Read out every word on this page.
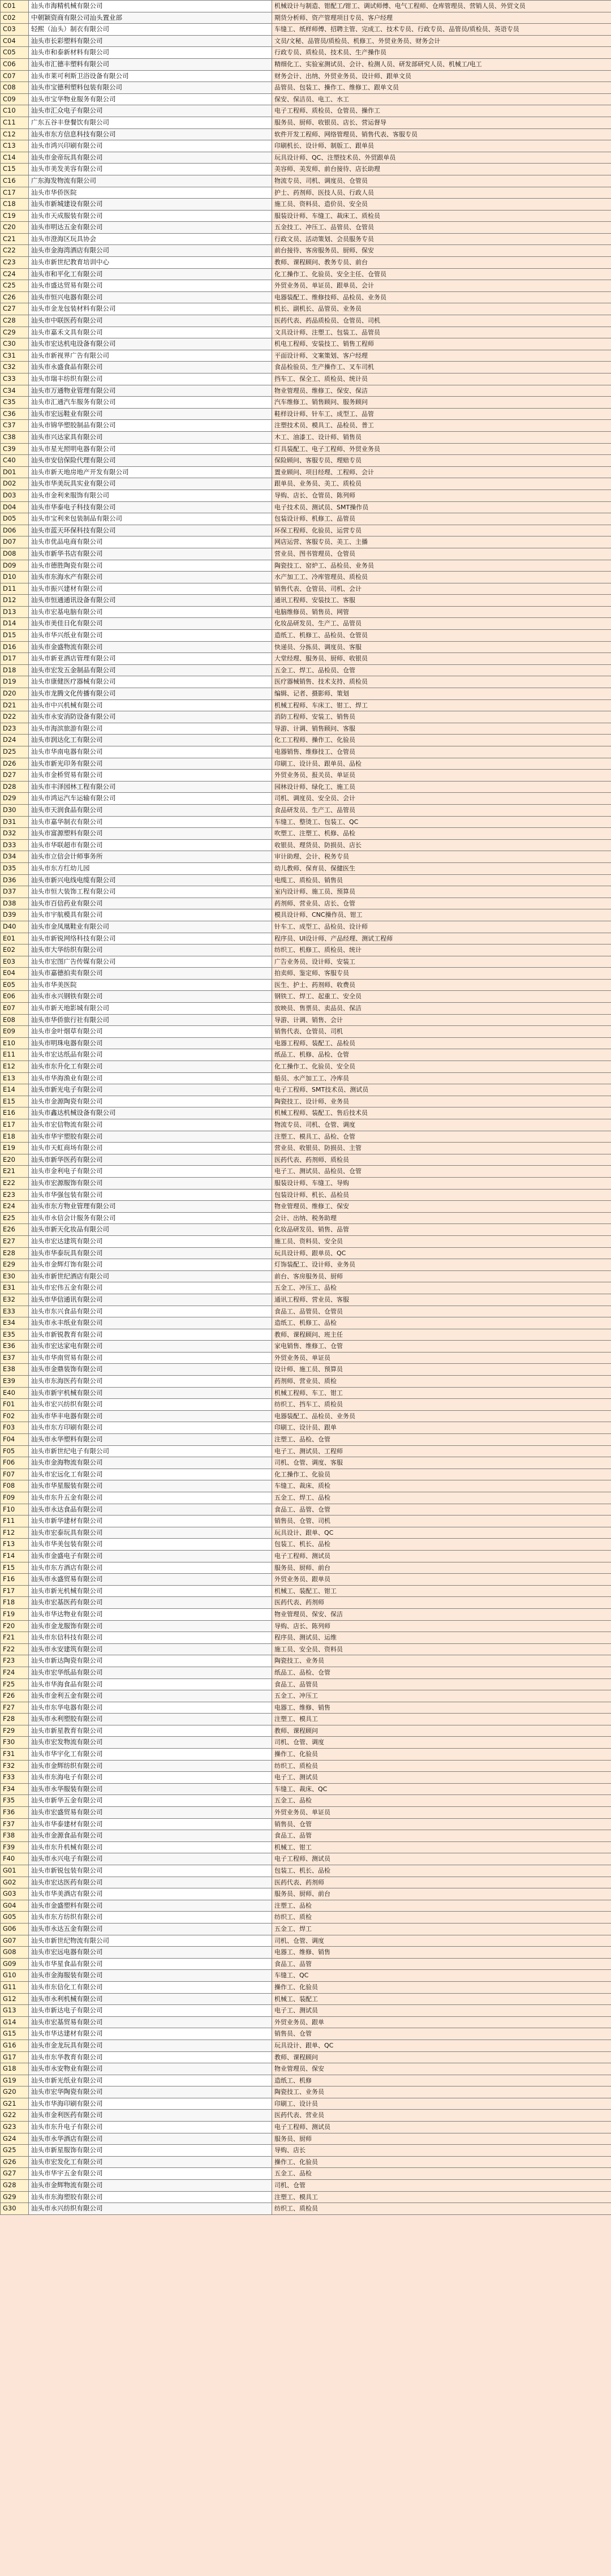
C01	汕头市海精机械有限公司	机械设计与制造、钳配工/钳工、调试师傅、电气工程师、仓库管理员、营销人员、外贸文员
C02	中朝颖资商有限公司汕头置业部	期货分析师、资产管理项目专员、客户经理
C03	轻熙（汕头）制衣有限公司	车缝工、纸样师傅、招聘主管、完成工、技术专员、行政专员、品管员/质检员、英语专员
C04	汕头市长彩塑料有限公司	文员/文秘、品管员/质检员、机修工、外贸业务员、财务会计
C05	汕头市和泰新材料有限公司	行政专员、质检员、技术员、生产操作员
C06	汕头市汇德丰塑料有限公司	精细化工、实验室测试员、会计、检测人员、研发部研究人员、机械工/电工
C07	汕头市莱可利斯卫浴设备有限公司	财务会计、出纳、外贸业务员、设计师、跟单文员
C08	汕头市宝德利塑料包装有限公司	品管员、包装工、操作工、维修工、跟单文员
C09	汕头市宝华物业服务有限公司	保安、保洁员、电工、水工
C10	汕头市汇众电子有限公司	电子工程师、质检员、仓管员、操作工
C11	广东五谷丰登餐饮有限公司	服务员、厨师、收银员、店长、营运督导
C12	汕头市东方信息科技有限公司	软件开发工程师、网络管理员、销售代表、客服专员
C13	汕头市鸿兴印刷有限公司	印刷机长、设计师、制版工、跟单员
C14	汕头市金帝玩具有限公司	玩具设计师、QC、注塑技术员、外贸跟单员
C15	汕头市美发美容有限公司	美容师、美发师、前台接待、店长助理
C16	广东海发物流有限公司	物流专员、司机、调度员、仓管员
C17	汕头市华侨医院	护士、药剂师、医技人员、行政人员
C18	汕头市新城建设有限公司	施工员、资料员、造价员、安全员
C19	汕头市天成服装有限公司	服装设计师、车缝工、裁床工、质检员
C20	汕头市明达五金有限公司	五金技工、冲压工、品管员、仓管员
C21	汕头市澄海区玩具协会	行政文员、活动策划、会员服务专员
C22	汕头市金海湾酒店有限公司	前台接待、客房服务员、厨师、保安
C23	汕头市新世纪教育培训中心	教师、课程顾问、教务专员、前台
C24	汕头市和平化工有限公司	化工操作工、化验员、安全主任、仓管员
C25	汕头市盛达贸易有限公司	外贸业务员、单证员、跟单员、会计
C26	汕头市恒兴电器有限公司	电器装配工、维修技师、品检员、业务员
C27	汕头市金龙包装材料有限公司	机长、副机长、品管员、业务员
C28	汕头市中联医药有限公司	医药代表、药品质检员、仓管员、司机
C29	汕头市嘉禾文具有限公司	文具设计师、注塑工、包装工、品管员
C30	汕头市宏达机电设备有限公司	机电工程师、安装技工、销售工程师
C31	汕头市新视界广告有限公司	平面设计师、文案策划、客户经理
C32	汕头市永盛食品有限公司	食品检验员、生产操作工、叉车司机
C33	汕头市瑞丰纺织有限公司	挡车工、保全工、质检员、统计员
C34	汕头市万通物业管理有限公司	物业管理员、维修工、保安、保洁
C35	汕头市汇通汽车服务有限公司	汽车维修工、销售顾问、服务顾问
C36	汕头市宏远鞋业有限公司	鞋样设计师、针车工、成型工、品管
C37	汕头市锦华塑胶制品有限公司	注塑技术员、模具工、品检员、普工
C38	汕头市兴达家具有限公司	木工、油漆工、设计师、销售员
C39	汕头市星光照明电器有限公司	灯具装配工、电子工程师、外贸业务员
C40	汕头市安信保险代理有限公司	保险顾问、客服专员、理赔专员
D01	汕头市新天地房地产开发有限公司	置业顾问、项目经理、工程师、会计
D02	汕头市华美玩具实业有限公司	跟单员、业务员、美工、质检员
D03	汕头市金利来服饰有限公司	导购、店长、仓管员、陈列师
D04	汕头市华泰电子科技有限公司	电子技术员、测试员、SMT操作员
D05	汕头市宝利来包装制品有限公司	包装设计师、机修工、品管员
D06	汕头市蓝天环保科技有限公司	环保工程师、化验员、运营专员
D07	汕头市优品电商有限公司	网店运营、客服专员、美工、主播
D08	汕头市新华书店有限公司	营业员、图书管理员、仓管员
D09	汕头市德胜陶瓷有限公司	陶瓷技工、窑炉工、品检员、业务员
D10	汕头市东海水产有限公司	水产加工工、冷库管理员、质检员
D11	汕头市振兴建材有限公司	销售代表、仓管员、司机、会计
D12	汕头市恒通通讯设备有限公司	通讯工程师、安装技工、客服
D13	汕头市宏基电脑有限公司	电脑维修员、销售员、网管
D14	汕头市美佳日化有限公司	化妆品研发员、生产工、品管员
D15	汕头市华兴纸业有限公司	造纸工、机修工、品检员、仓管员
D16	汕头市金盛物流有限公司	快递员、分拣员、调度员、客服
D17	汕头市新亚酒店管理有限公司	大堂经理、服务员、厨师、收银员
D18	汕头市宏发五金制品有限公司	五金工、焊工、品检员、仓管
D19	汕头市康健医疗器械有限公司	医疗器械销售、技术支持、质检员
D20	汕头市龙腾文化传播有限公司	编辑、记者、摄影师、策划
D21	汕头市中兴机械有限公司	机械工程师、车床工、钳工、焊工
D22	汕头市永安消防设备有限公司	消防工程师、安装工、销售员
D23	汕头市海滨旅游有限公司	导游、计调、销售顾问、客服
D24	汕头市润达化工有限公司	化工工程师、操作工、化验员
D25	汕头市华南电器有限公司	电器销售、维修技工、仓管员
D26	汕头市新光印务有限公司	印刷工、设计员、跟单员、品检
D27	汕头市金桥贸易有限公司	外贸业务员、报关员、单证员
D28	汕头市丰泽园林工程有限公司	园林设计师、绿化工、施工员
D29	汕头市鸿运汽车运输有限公司	司机、调度员、安全员、会计
D30	汕头市天润食品有限公司	食品研发员、生产工、品管员
D31	汕头市嘉华制衣有限公司	车缝工、整烫工、包装工、QC
D32	汕头市富源塑料有限公司	吹塑工、注塑工、机修、品检
D33	汕头市华联超市有限公司	收银员、理货员、防损员、店长
D34	汕头市立信会计师事务所	审计助理、会计、税务专员
D35	汕头市东方红幼儿园	幼儿教师、保育员、保健医生
D36	汕头市新兴电线电缆有限公司	电缆工、质检员、销售员
D37	汕头市恒大装饰工程有限公司	室内设计师、施工员、预算员
D38	汕头市百信药业有限公司	药剂师、营业员、店长、仓管
D39	汕头市宇航模具有限公司	模具设计师、CNC操作员、钳工
D40	汕头市金凤凰鞋业有限公司	针车工、成型工、品检员、设计师
E01	汕头市新锐网络科技有限公司	程序员、UI设计师、产品经理、测试工程师
E02	汕头市大华纺织有限公司	纺织工、机修工、质检员、统计
E03	汕头市宏图广告传媒有限公司	广告业务员、设计师、安装工
E04	汕头市嘉德拍卖有限公司	拍卖师、鉴定师、客服专员
E05	汕头市华美医院	医生、护士、药剂师、收费员
E06	汕头市永兴钢铁有限公司	钢铁工、焊工、起重工、安全员
E07	汕头市新天地影城有限公司	放映员、售票员、卖品员、保洁
E08	汕头市华侨旅行社有限公司	导游、计调、销售、会计
E09	汕头市金叶烟草有限公司	销售代表、仓管员、司机
E10	汕头市明珠电器有限公司	电器工程师、装配工、品检员
E11	汕头市宏达纸品有限公司	纸品工、机修、品检、仓管
E12	汕头市东升化工有限公司	化工操作工、化验员、安全员
E13	汕头市华海渔业有限公司	船员、水产加工工、冷库员
E14	汕头市新光电子有限公司	电子工程师、SMT技术员、测试员
E15	汕头市金源陶瓷有限公司	陶瓷技工、设计师、业务员
E16	汕头市鑫达机械设备有限公司	机械工程师、装配工、售后技术员
E17	汕头市宏信物流有限公司	物流专员、司机、仓管、调度
E18	汕头市华宇塑胶有限公司	注塑工、模具工、品检、仓管
E19	汕头市天虹商场有限公司	营业员、收银员、防损员、主管
E20	汕头市新华医药有限公司	医药代表、药剂师、质检员
E21	汕头市金利电子有限公司	电子工、测试员、品检员、仓管
E22	汕头市宏源服饰有限公司	服装设计师、车缝工、导购
E23	汕头市华强包装有限公司	包装设计师、机长、品检员
E24	汕头市东方物业管理有限公司	物业管理员、维修工、保安
E25	汕头市永信会计服务有限公司	会计、出纳、税务助理
E26	汕头市新天化妆品有限公司	化妆品研发员、销售、品管
E27	汕头市宏达建筑有限公司	施工员、资料员、安全员
E28	汕头市华泰玩具有限公司	玩具设计师、跟单员、QC
E29	汕头市金辉灯饰有限公司	灯饰装配工、设计师、业务员
E30	汕头市新世纪酒店有限公司	前台、客房服务员、厨师
E31	汕头市宏伟五金有限公司	五金工、冲压工、品检
E32	汕头市华信通讯有限公司	通讯工程师、营业员、客服
E33	汕头市东兴食品有限公司	食品工、品管员、仓管员
E34	汕头市永丰纸业有限公司	造纸工、机修工、品检
E35	汕头市新锐教育有限公司	教师、课程顾问、班主任
E36	汕头市宏达家电有限公司	家电销售、维修工、仓管
E37	汕头市华南贸易有限公司	外贸业务员、单证员
E38	汕头市金鼎装饰有限公司	设计师、施工员、预算员
E39	汕头市东海医药有限公司	药剂师、营业员、质检
E40	汕头市新宇机械有限公司	机械工程师、车工、钳工
F01	汕头市宏兴纺织有限公司	纺织工、挡车工、质检员
F02	汕头市华丰电器有限公司	电器装配工、品检员、业务员
F03	汕头市东方印刷有限公司	印刷工、设计员、跟单
F04	汕头市永华塑料有限公司	注塑工、品检、仓管
F05	汕头市新世纪电子有限公司	电子工、测试员、工程师
F06	汕头市金海物流有限公司	司机、仓管、调度、客服
F07	汕头市宏远化工有限公司	化工操作工、化验员
F08	汕头市华星服装有限公司	车缝工、裁床、质检
F09	汕头市东升五金有限公司	五金工、焊工、品检
F10	汕头市永达食品有限公司	食品工、品管、仓管
F11	汕头市新华建材有限公司	销售员、仓管、司机
F12	汕头市宏泰玩具有限公司	玩具设计、跟单、QC
F13	汕头市华美包装有限公司	包装工、机长、品检
F14	汕头市金盛电子有限公司	电子工程师、测试员
F15	汕头市东方酒店有限公司	服务员、厨师、前台
F16	汕头市永盛贸易有限公司	外贸业务员、跟单员
F17	汕头市新光机械有限公司	机械工、装配工、钳工
F18	汕头市宏基医药有限公司	医药代表、药剂师
F19	汕头市华达物业有限公司	物业管理员、保安、保洁
F20	汕头市金龙服饰有限公司	导购、店长、陈列师
F21	汕头市东信科技有限公司	程序员、测试员、运维
F22	汕头市永安建筑有限公司	施工员、安全员、资料员
F23	汕头市新达陶瓷有限公司	陶瓷技工、业务员
F24	汕头市宏华纸品有限公司	纸品工、品检、仓管
F25	汕头市华海食品有限公司	食品工、品管员
F26	汕头市金利五金有限公司	五金工、冲压工
F27	汕头市东华电器有限公司	电器工、维修、销售
F28	汕头市永利塑胶有限公司	注塑工、模具工
F29	汕头市新星教育有限公司	教师、课程顾问
F30	汕头市宏发物流有限公司	司机、仓管、调度
F31	汕头市华宇化工有限公司	操作工、化验员
F32	汕头市金辉纺织有限公司	纺织工、质检员
F33	汕头市东海电子有限公司	电子工、测试员
F34	汕头市永华服装有限公司	车缝工、裁床、QC
F35	汕头市新华五金有限公司	五金工、品检
F36	汕头市宏盛贸易有限公司	外贸业务员、单证员
F37	汕头市华泰建材有限公司	销售员、仓管
F38	汕头市金源食品有限公司	食品工、品管
F39	汕头市东升机械有限公司	机械工、钳工
F40	汕头市永兴电子有限公司	电子工程师、测试员
G01	汕头市新锐包装有限公司	包装工、机长、品检
G02	汕头市宏达医药有限公司	医药代表、药剂师
G03	汕头市华美酒店有限公司	服务员、厨师、前台
G04	汕头市金盛塑料有限公司	注塑工、品检
G05	汕头市东方纺织有限公司	纺织工、质检
G06	汕头市永达五金有限公司	五金工、焊工
G07	汕头市新世纪物流有限公司	司机、仓管、调度
G08	汕头市宏远电器有限公司	电器工、维修、销售
G09	汕头市华星食品有限公司	食品工、品管
G10	汕头市金海服装有限公司	车缝工、QC
G11	汕头市东信化工有限公司	操作工、化验员
G12	汕头市永利机械有限公司	机械工、装配工
G13	汕头市新达电子有限公司	电子工、测试员
G14	汕头市宏基贸易有限公司	外贸业务员、跟单
G15	汕头市华达建材有限公司	销售员、仓管
G16	汕头市金龙玩具有限公司	玩具设计、跟单、QC
G17	汕头市东华教育有限公司	教师、课程顾问
G18	汕头市永安物业有限公司	物业管理员、保安
G19	汕头市新光纸业有限公司	造纸工、机修
G20	汕头市宏华陶瓷有限公司	陶瓷技工、业务员
G21	汕头市华海印刷有限公司	印刷工、设计员
G22	汕头市金利医药有限公司	医药代表、营业员
G23	汕头市东升电子有限公司	电子工程师、测试员
G24	汕头市永华酒店有限公司	服务员、厨师
G25	汕头市新星服饰有限公司	导购、店长
G26	汕头市宏发化工有限公司	操作工、化验员
G27	汕头市华宇五金有限公司	五金工、品检
G28	汕头市金辉物流有限公司	司机、仓管
G29	汕头市东海塑胶有限公司	注塑工、模具工
G30	汕头市永兴纺织有限公司	纺织工、质检员
